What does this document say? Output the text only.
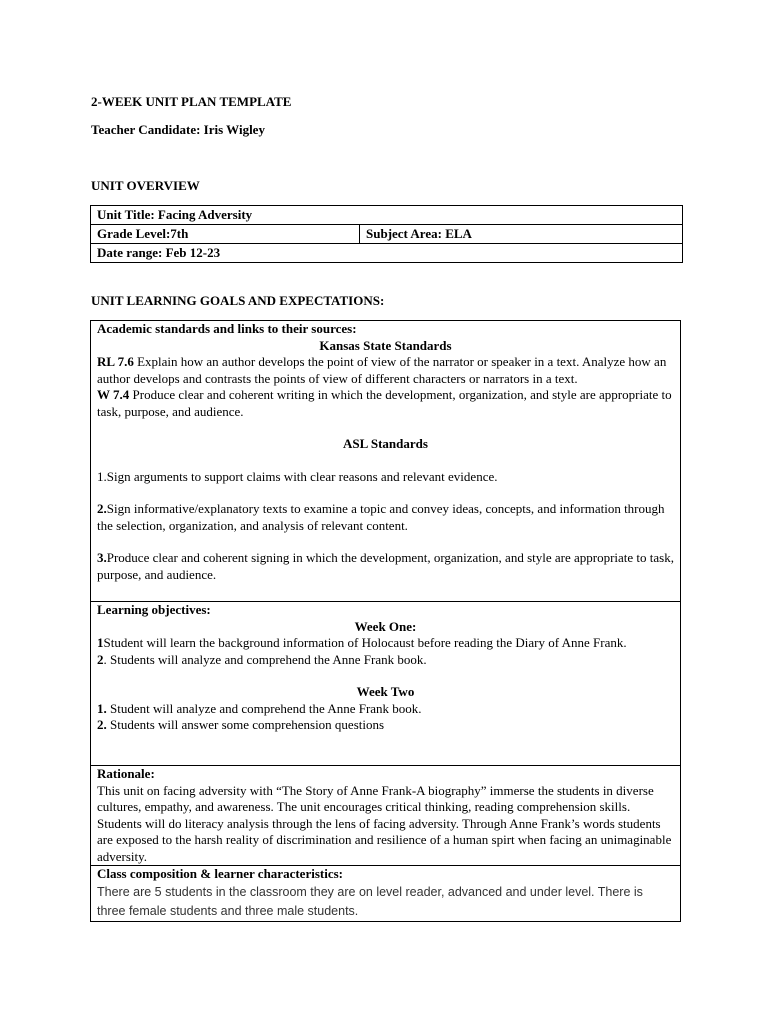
2-WEEK UNIT PLAN TEMPLATE
Teacher Candidate: Iris Wigley
UNIT OVERVIEW
Unit Title: Facing Adversity
Grade Level:7th	Subject Area: ELA
Date range: Feb 12-23
UNIT LEARNING GOALS AND EXPECTATIONS:

Academic standards and links to their sources:

Kansas State Standards

RL 7.6 Explain how an author develops the point of view of the narrator or speaker in a text. Analyze how an author develops and contrasts the points of view of different characters or narrators in a text.

W 7.4 Produce clear and coherent writing in which the development, organization, and style are appropriate to task, purpose, and audience.

ASL Standards

1.Sign arguments to support claims with clear reasons and relevant evidence.

2.Sign informative/explanatory texts to examine a topic and convey ideas, concepts, and information through the selection, organization, and analysis of relevant content.

3.Produce clear and coherent signing in which the development, organization, and style are appropriate to task, purpose, and audience.

Learning objectives:

Week One:

1Student will learn the background information of Holocaust before reading the Diary of Anne Frank.

2. Students will analyze and comprehend the Anne Frank book.

Week Two

1. Student will analyze and comprehend the Anne Frank book.

2. Students will answer some comprehension questions

Rationale:

This unit on facing adversity with “The Story of Anne Frank-A biography” immerse the students in diverse cultures, empathy, and awareness. The unit encourages critical thinking, reading comprehension skills. Students will do literacy analysis through the lens of facing adversity. Through Anne Frank’s words students are exposed to the harsh reality of discrimination and resilience of a human spirt when facing an unimaginable adversity.

Class composition & learner characteristics:

There are 5 students in the classroom they are on level reader, advanced and under level. There is three female students and three male students.
